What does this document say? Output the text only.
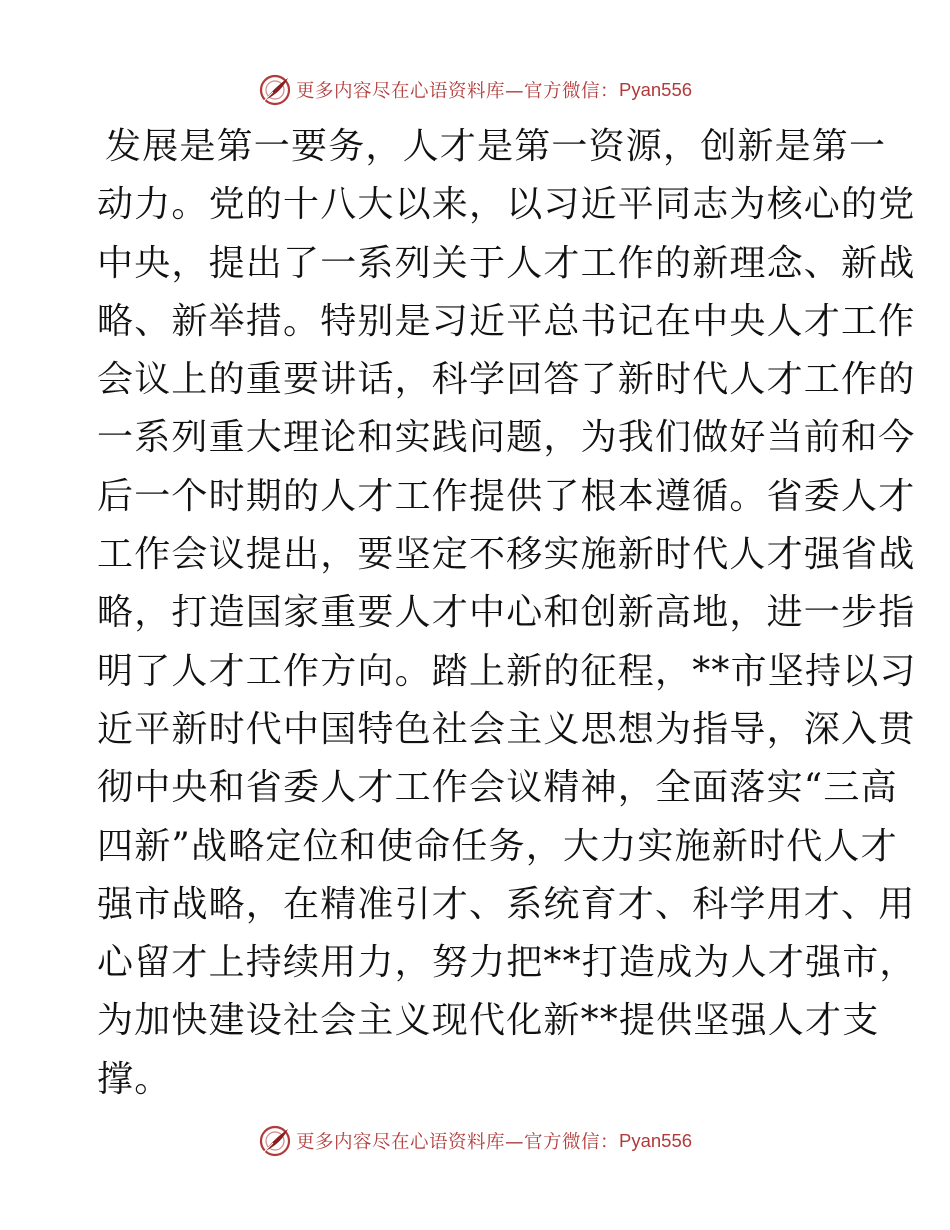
更多内容尽在心语资料库—官方微信： Pyan556
发展是第一要务，人才是第一资源，创新是第一
动力。党的十八大以来，以习近平同志为核心的党
中央，提出了一系列关于人才工作的新理念、新战
略、新举措。特别是习近平总书记在中央人才工作
会议上的重要讲话，科学回答了新时代人才工作的
一系列重大理论和实践问题，为我们做好当前和今
后一个时期的人才工作提供了根本遵循。省委人才
工作会议提出，要坚定不移实施新时代人才强省战
略，打造国家重要人才中心和创新高地，进一步指
明了人才工作方向。踏上新的征程，**市坚持以习
近平新时代中国特色社会主义思想为指导，深入贯
彻中央和省委人才工作会议精神，全面落实“三高
四新”战略定位和使命任务，大力实施新时代人才
强市战略，在精准引才、系统育才、科学用才、用
心留才上持续用力，努力把**打造成为人才强市，
为加快建设社会主义现代化新**提供坚强人才支
撑。
更多内容尽在心语资料库—官方微信： Pyan556
